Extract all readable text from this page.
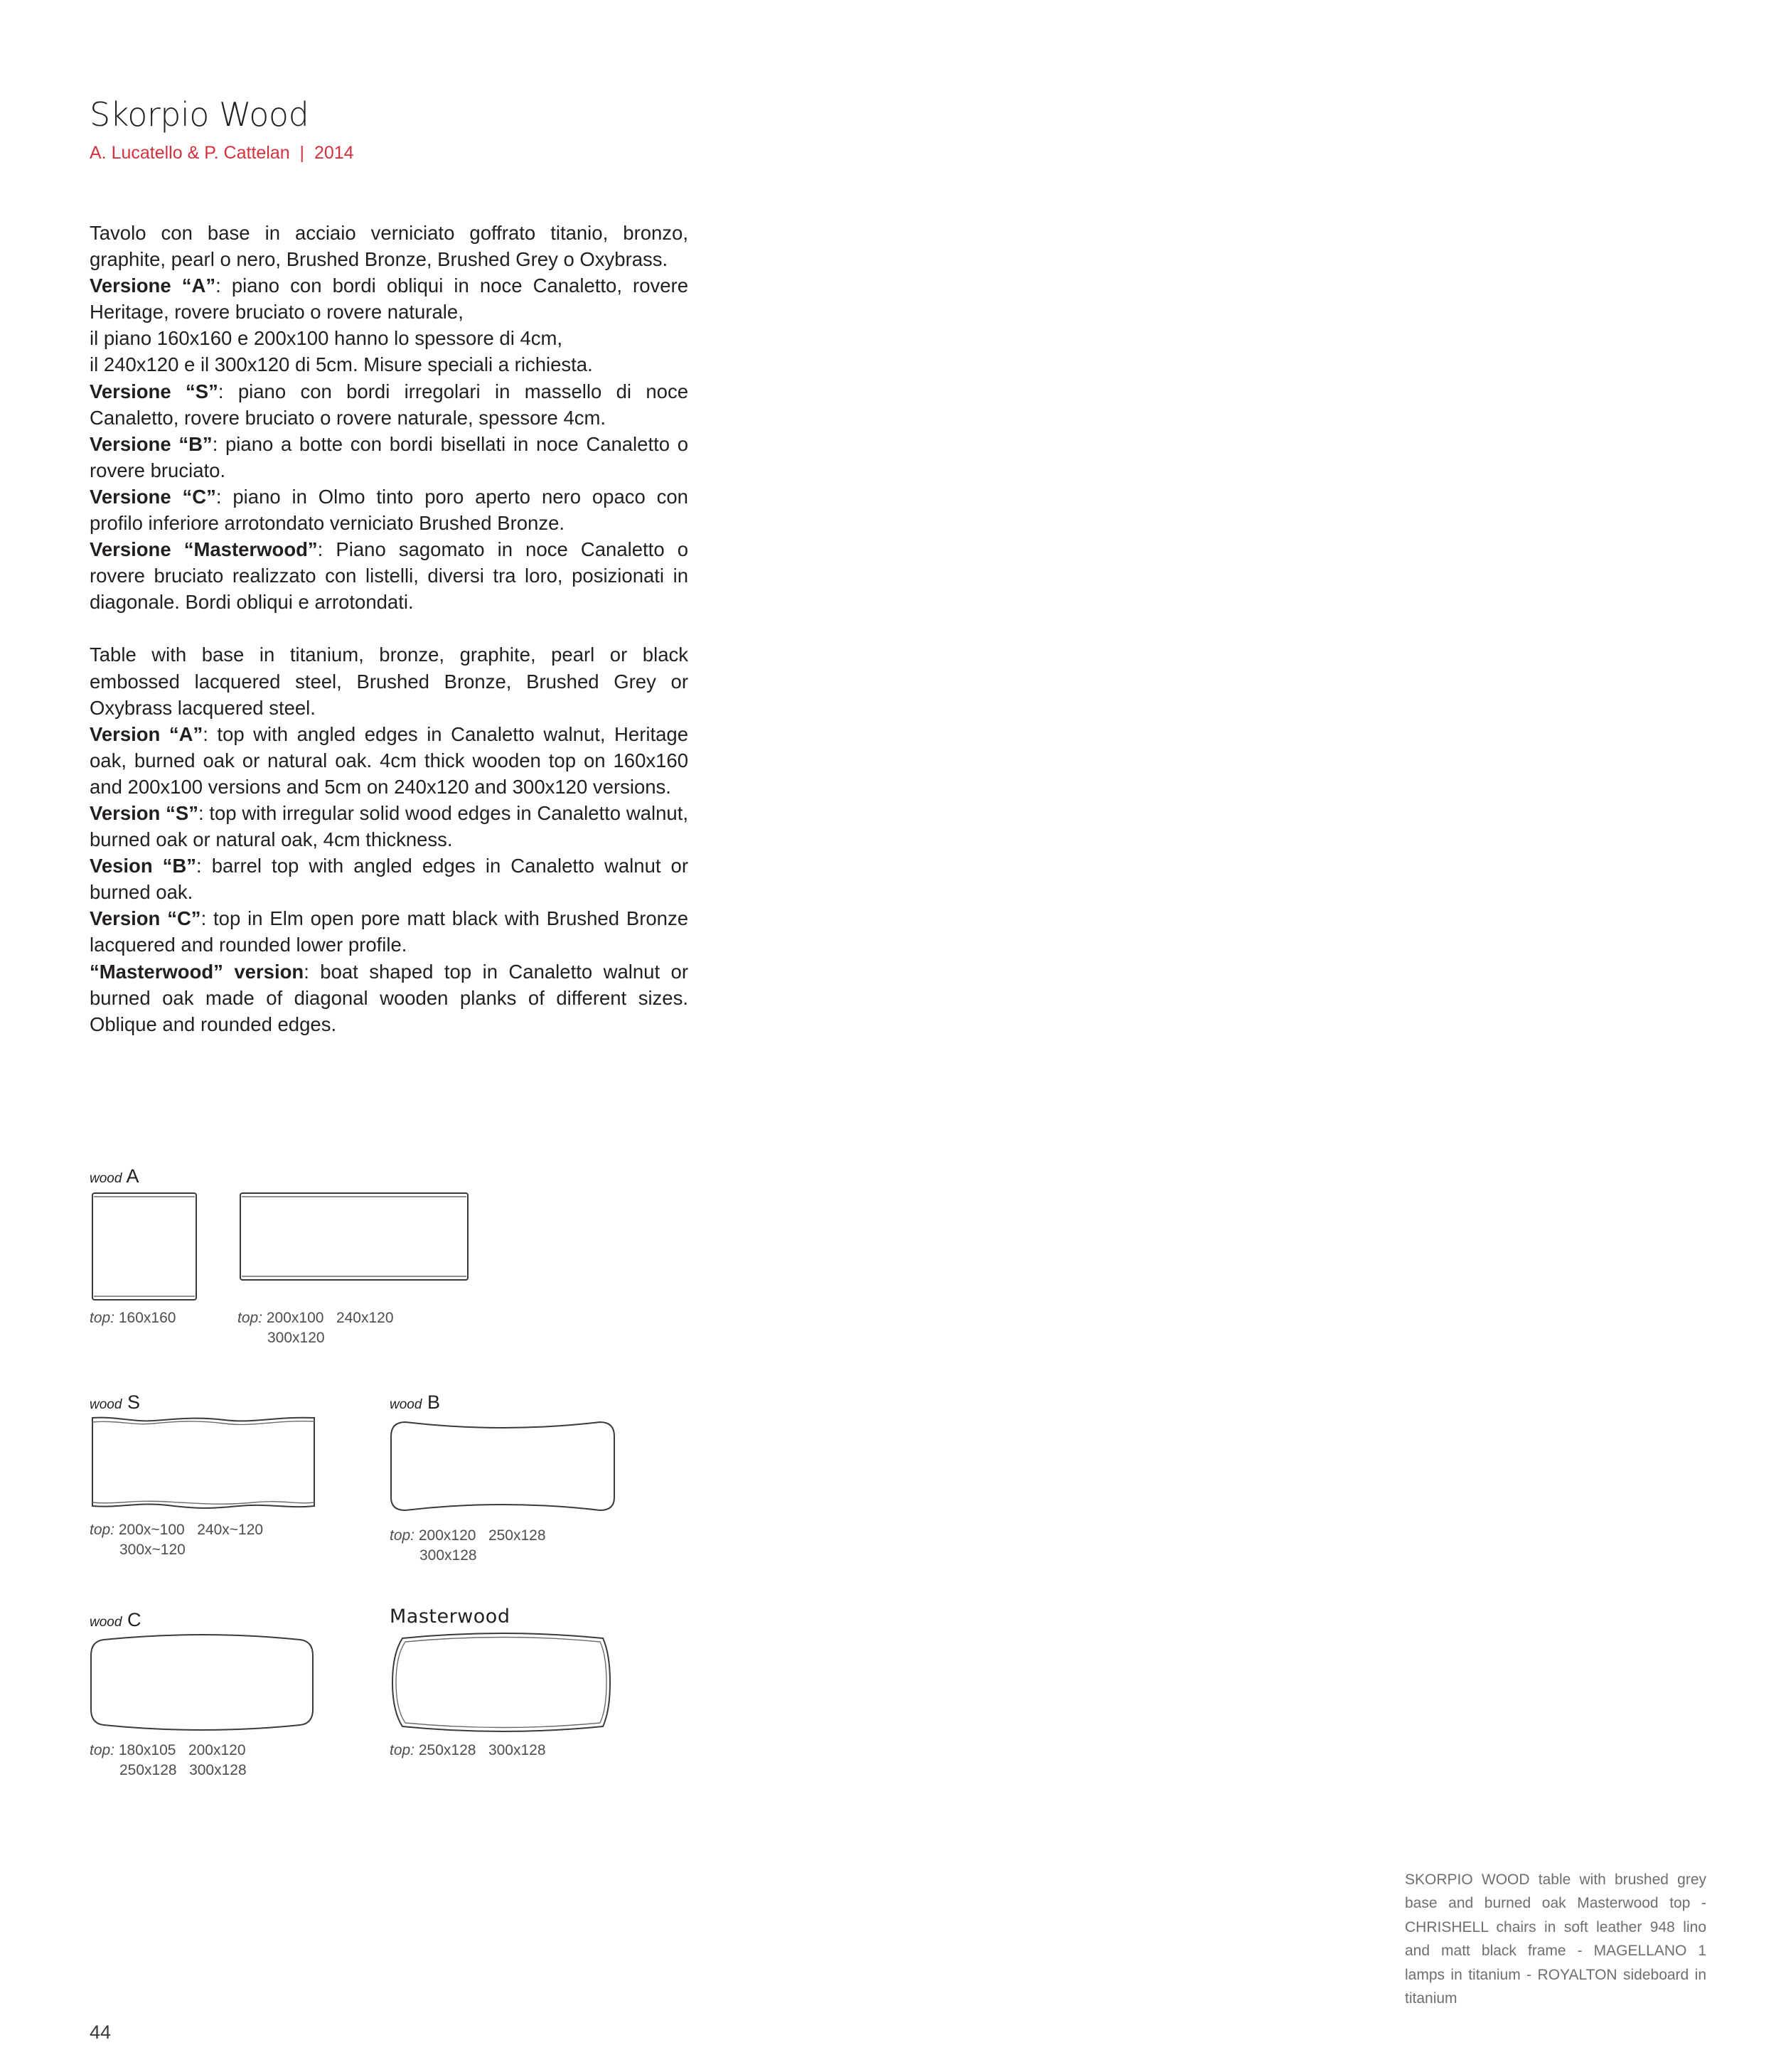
Skorpio Wood

A. Lucatello & P. Cattelan  |  2014

Tavolo con base in acciaio verniciato goffrato titanio, bronzo, graphite, pearl o nero, Brushed Bronze, Brushed Grey o Oxybrass.

Versione “A”: piano con bordi obliqui in noce Canaletto, rovere Heritage, rovere bruciato o rovere naturale,

il piano 160x160 e 200x100 hanno lo spessore di 4cm,

il 240x120 e il 300x120 di 5cm. Misure speciali a richiesta.

Versione “S”: piano con bordi irregolari in massello di noce Canaletto, rovere bruciato o rovere naturale, spessore 4cm.

Versione “B”: piano a botte con bordi bisellati in noce Canaletto o rovere bruciato.

Versione “C”: piano in Olmo tinto poro aperto nero opaco con profilo inferiore arrotondato verniciato Brushed Bronze.

Versione “Masterwood”: Piano sagomato in noce Canaletto o rovere bruciato realizzato con listelli, diversi tra loro, posizionati in diagonale. Bordi obliqui e arrotondati.

Table with base in titanium, bronze, graphite, pearl or black embossed lacquered steel, Brushed Bronze, Brushed Grey or Oxybrass lacquered steel.

Version “A”: top with angled edges in Canaletto walnut, Heritage oak, burned oak or natural oak. 4cm thick wooden top on 160x160 and 200x100 versions and 5cm on 240x120 and 300x120 versions.

Version “S”: top with irregular solid wood edges in Canaletto walnut, burned oak or natural oak, 4cm thickness.

Vesion “B”: barrel top with angled edges in Canaletto walnut or burned oak.

Version “C”: top in Elm open pore matt black with Brushed Bronze lacquered and rounded lower profile.

“Masterwood” version: boat shaped top in Canaletto walnut or burned oak made of diagonal wooden planks of different sizes. Oblique and rounded edges.

wood A

top: 160x160	top: 200x100   240x120
300x120

wood S

top: 200x~100   240x~120
300x~120

wood B

top: 200x120   250x128
300x128

wood C

top: 180x105   200x120
250x128   300x128

Masterwood

top: 250x128   300x128

SKORPIO WOOD table with brushed grey base and burned oak Masterwood top - CHRISHELL chairs in soft leather 948 lino and matt black frame - MAGELLANO 1 lamps in titanium - ROYALTON sideboard in titanium

44
